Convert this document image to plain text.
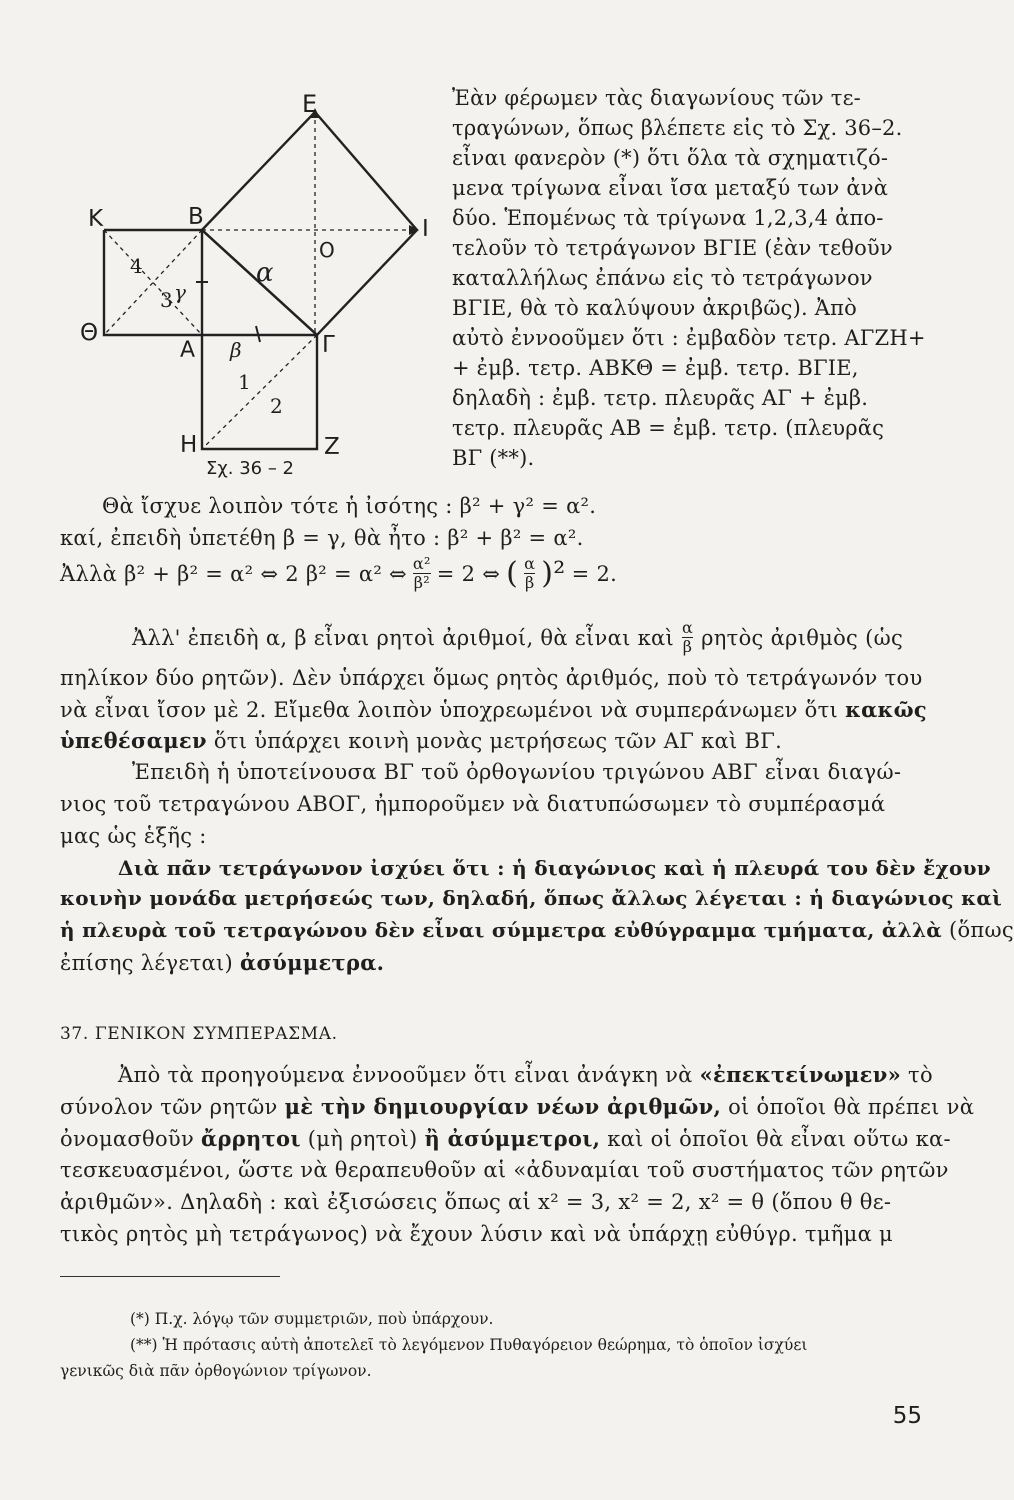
Ε
Κ	Β	Ι
Ο
Θ
Α	Γ
Η	Ζ
α
β
γ
4
3
1
2
Σχ. 36 – 2
Ἐὰν φέρωμεν τὰς διαγωνίους τῶν τε-
τραγώνων, ὅπως βλέπετε εἰς τὸ Σχ. 36–2.
εἶναι φανερὸν (*) ὅτι ὅλα τὰ σχηματιζό-
μενα τρίγωνα εἶναι ἴσα μεταξύ των ἀνὰ
δύο. Ἑπομένως τὰ τρίγωνα 1,2,3,4 ἀπο-
τελοῦν τὸ τετράγωνον ΒΓΙΕ (ἐὰν τεθοῦν
καταλλήλως ἐπάνω εἰς τὸ τετράγωνον
ΒΓΙΕ, θὰ τὸ καλύψουν ἀκριβῶς). Ἀπὸ
αὐτὸ ἐννοοῦμεν ὅτι : ἐμβαδὸν τετρ. ΑΓΖΗ+
+ ἐμβ. τετρ. ΑΒΚΘ = ἐμβ. τετρ. ΒΓΙΕ,
δηλαδὴ : ἐμβ. τετρ. πλευρᾶς ΑΓ + ἐμβ.
τετρ. πλευρᾶς ΑΒ = ἐμβ. τετρ. (πλευρᾶς
ΒΓ (**).
Θὰ ἴσχυε λοιπὸν τότε ἡ ἰσότης : β² + γ² = α².
καί, ἐπειδὴ ὑπετέθη β = γ, θὰ ἦτο : β² + β² = α².
Ἀλλὰ β² + β² = α² ⇔ 2 β² = α² ⇔ $\frac{\text{α²}}{\text{β²}} = 2$ ⇔ ( $\frac{\alpha}{\beta} )^2 = 2$.
Ἀλλ' ἐπειδὴ α, β εἶναι ρητοὶ ἀριθμοί, θὰ εἶναι καὶ $\frac{\alpha}{\beta}$ ρητὸς ἀριθμὸς (ὡς
πηλίκον δύο ρητῶν). Δὲν ὑπάρχει ὅμως ρητὸς ἀριθμός, ποὺ τὸ τετράγωνόν του
νὰ εἶναι ἴσον μὲ 2. Εἴμεθα λοιπὸν ὑποχρεωμένοι νὰ συμπεράνωμεν ὅτι κακῶς
ὑπεθέσαμεν ὅτι ὑπάρχει κοινὴ μονὰς μετρήσεως τῶν ΑΓ καὶ ΒΓ.
Ἐπειδὴ ἡ ὑποτείνουσα ΒΓ τοῦ ὀρθογωνίου τριγώνου ΑΒΓ εἶναι διαγώ-
νιος τοῦ τετραγώνου ΑΒΟΓ, ἠμποροῦμεν νὰ διατυπώσωμεν τὸ συμπέρασμά
μας ὡς ἑξῆς :
Διὰ πᾶν τετράγωνον ἰσχύει ὅτι : ἡ διαγώνιος καὶ ἡ πλευρά του δὲν ἔχουν
κοινὴν μονάδα μετρήσεώς των, δηλαδή, ὅπως ἄλλως λέγεται : ἡ διαγώνιος καὶ
ἡ πλευρὰ τοῦ τετραγώνου δὲν εἶναι σύμμετρα εὐθύγραμμα τμήματα, ἀλλὰ (ὅπως
ἐπίσης λέγεται) ἀσύμμετρα.
37. ΓΕΝΙΚΟΝ ΣΥΜΠΕΡΑΣΜΑ.
Ἀπὸ τὰ προηγούμενα ἐννοοῦμεν ὅτι εἶναι ἀνάγκη νὰ «ἐπεκτείνωμεν» τὸ
σύνολον τῶν ρητῶν μὲ τὴν δημιουργίαν νέων ἀριθμῶν, οἱ ὁποῖοι θὰ πρέπει νὰ
ὀνομασθοῦν ἄρρητοι (μὴ ρητοὶ) ἢ ἀσύμμετροι, καὶ οἱ ὁποῖοι θὰ εἶναι οὕτω κα-
τεσκευασμένοι, ὥστε νὰ θεραπευθοῦν αἱ «ἀδυναμίαι τοῦ συστήματος τῶν ρητῶν
ἀριθμῶν». Δηλαδὴ : καὶ ἐξισώσεις ὅπως αἱ x² = 3, x² = 2, x² = θ (ὅπου θ θε-
τικὸς ρητὸς μὴ τετράγωνος) νὰ ἔχουν λύσιν καὶ νὰ ὑπάρχῃ εὐθύγρ. τμῆμα μ
(*) Π.χ. λόγῳ τῶν συμμετριῶν, ποὺ ὑπάρχουν.
(**) Ἡ πρότασις αὐτὴ ἀποτελεῖ τὸ λεγόμενον Πυθαγόρειον θεώρημα, τὸ ὁποῖον ἰσχύει
γενικῶς διὰ πᾶν ὀρθογώνιον τρίγωνον.
55
